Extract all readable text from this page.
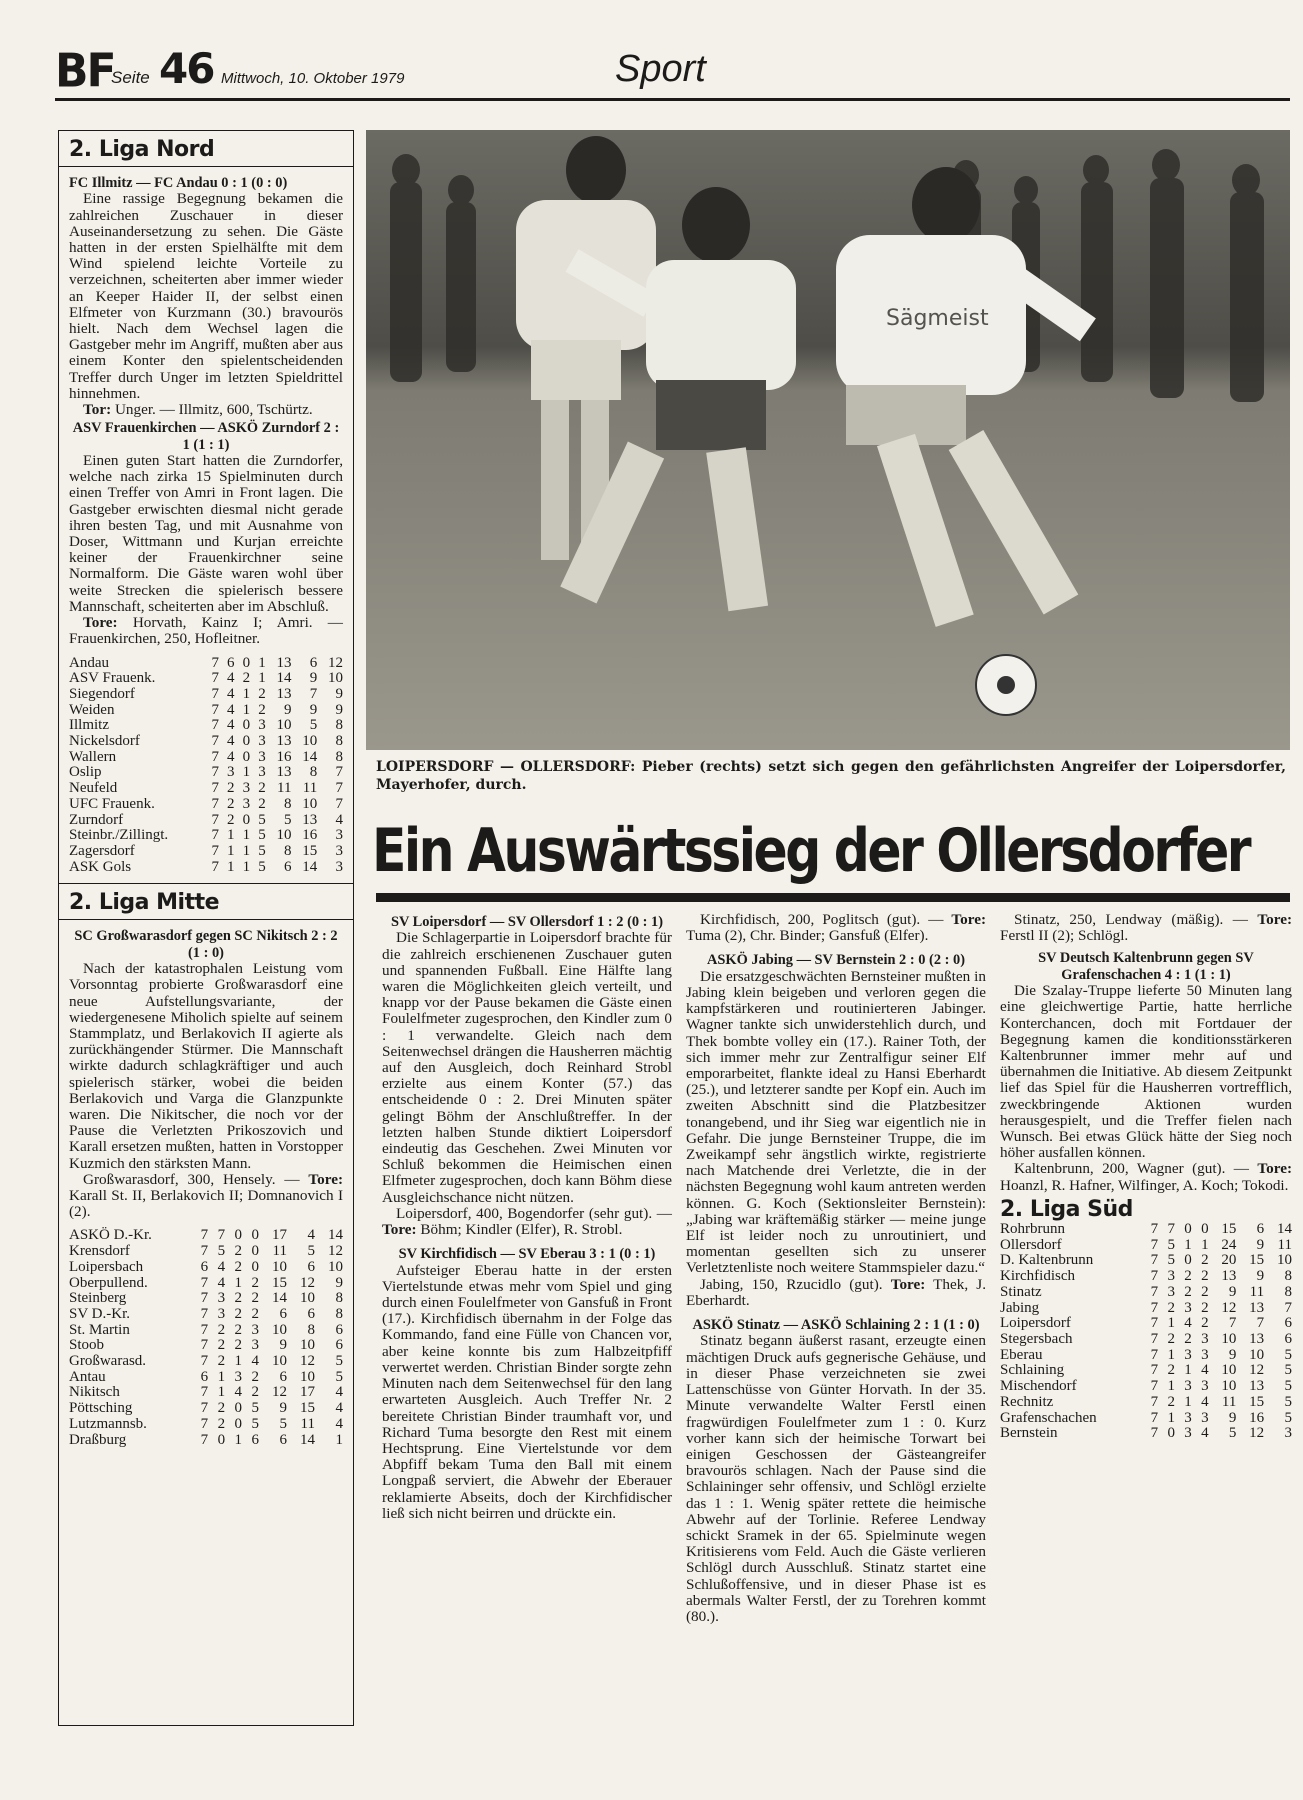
BF
Seite 46 Mittwoch, 10. Oktober 1979	Sport
2. Liga Nord
FC Illmitz — FC Andau 0 : 1 (0 : 0)

Eine rassige Begegnung bekamen die zahlreichen Zuschauer in dieser Auseinandersetzung zu sehen. Die Gäste hatten in der ersten Spielhälfte mit dem Wind spielend leichte Vorteile zu verzeichnen, scheiterten aber immer wieder an Keeper Haider II, der selbst einen Elfmeter von Kurzmann (30.) bravourös hielt. Nach dem Wechsel lagen die Gastgeber mehr im Angriff, mußten aber aus einem Konter den spielentscheidenden Treffer durch Unger im letzten Spieldrittel hinnehmen.

Tor: Unger. — Illmitz, 600, Tschürtz.

ASV Frauenkirchen — ASKÖ Zurndorf 2 : 1 (1 : 1)

Einen guten Start hatten die Zurndorfer, welche nach zirka 15 Spielminuten durch einen Treffer von Amri in Front lagen. Die Gastgeber erwischten diesmal nicht gerade ihren besten Tag, und mit Ausnahme von Doser, Wittmann und Kurjan erreichte keiner der Frauenkirchner seine Normalform. Die Gäste waren wohl über weite Strecken die spielerisch bessere Mannschaft, scheiterten aber im Abschluß.

Tore: Horvath, Kainz I; Amri. — Frauenkirchen, 250, Hofleitner.

Andau	7	6	0	1	13	6	12
ASV Frauenk.	7	4	2	1	14	9	10
Siegendorf	7	4	1	2	13	7	9
Weiden	7	4	1	2	9	9	9
Illmitz	7	4	0	3	10	5	8
Nickelsdorf	7	4	0	3	13	10	8
Wallern	7	4	0	3	16	14	8
Oslip	7	3	1	3	13	8	7
Neufeld	7	2	3	2	11	11	7
UFC Frauenk.	7	2	3	2	8	10	7
Zurndorf	7	2	0	5	5	13	4
Steinbr./Zillingt.	7	1	1	5	10	16	3
Zagersdorf	7	1	1	5	8	15	3
ASK Gols	7	1	1	5	6	14	3
2. Liga Mitte
SC Großwarasdorf gegen SC Nikitsch 2 : 2 (1 : 0)

Nach der katastrophalen Leistung vom Vorsonntag probierte Großwarasdorf eine neue Aufstellungsvariante, der wiedergenesene Miholich spielte auf seinem Stammplatz, und Berlakovich II agierte als zurückhängender Stürmer. Die Mannschaft wirkte dadurch schlagkräftiger und auch spielerisch stärker, wobei die beiden Berlakovich und Varga die Glanzpunkte waren. Die Nikitscher, die noch vor der Pause die Verletzten Prikoszovich und Karall ersetzen mußten, hatten in Vorstopper Kuzmich den stärksten Mann.

Großwarasdorf, 300, Hensely. — Tore: Karall St. II, Berlakovich II; Domnanovich I (2).

ASKÖ D.-Kr.	7	7	0	0	17	4	14
Krensdorf	7	5	2	0	11	5	12
Loipersbach	6	4	2	0	10	6	10
Oberpullend.	7	4	1	2	15	12	9
Steinberg	7	3	2	2	14	10	8
SV D.-Kr.	7	3	2	2	6	6	8
St. Martin	7	2	2	3	10	8	6
Stoob	7	2	2	3	9	10	6
Großwarasd.	7	2	1	4	10	12	5
Antau	6	1	3	2	6	10	5
Nikitsch	7	1	4	2	12	17	4
Pöttsching	7	2	0	5	9	15	4
Lutzmannsb.	7	2	0	5	5	11	4
Draßburg	7	0	1	6	6	14	1
Sägmeist
LOIPERSDORF — OLLERSDORF: Pieber (rechts) setzt sich gegen den gefährlichsten Angreifer der Loipersdorfer, Mayerhofer, durch.
Ein Auswärtssieg der Ollersdorfer
SV Loipersdorf — SV Ollersdorf 1 : 2 (0 : 1)

Die Schlagerpartie in Loipersdorf brachte für die zahlreich erschienenen Zuschauer guten und spannenden Fußball. Eine Hälfte lang waren die Möglichkeiten gleich verteilt, und knapp vor der Pause bekamen die Gäste einen Foulelfmeter zugesprochen, den Kindler zum 0 : 1 verwandelte. Gleich nach dem Seitenwechsel drängen die Hausherren mächtig auf den Ausgleich, doch Reinhard Strobl erzielte aus einem Konter (57.) das entscheidende 0 : 2. Drei Minuten später gelingt Böhm der Anschlußtreffer. In der letzten halben Stunde diktiert Loipersdorf eindeutig das Geschehen. Zwei Minuten vor Schluß bekommen die Heimischen einen Elfmeter zugesprochen, doch kann Böhm diese Ausgleichschance nicht nützen.

Loipersdorf, 400, Bogendorfer (sehr gut). — Tore: Böhm; Kindler (Elfer), R. Strobl.

SV Kirchfidisch — SV Eberau 3 : 1 (0 : 1)

Aufsteiger Eberau hatte in der ersten Viertelstunde etwas mehr vom Spiel und ging durch einen Foulelfmeter von Gansfuß in Front (17.). Kirchfidisch übernahm in der Folge das Kommando, fand eine Fülle von Chancen vor, aber keine konnte bis zum Halbzeitpfiff verwertet werden. Christian Binder sorgte zehn Minuten nach dem Seitenwechsel für den lang erwarteten Ausgleich. Auch Treffer Nr. 2 bereitete Christian Binder traumhaft vor, und Richard Tuma besorgte den Rest mit einem Hechtsprung. Eine Viertelstunde vor dem Abpfiff bekam Tuma den Ball mit einem Longpaß serviert, die Abwehr der Eberauer reklamierte Abseits, doch der Kirchfidischer ließ sich nicht beirren und drückte ein.

Kirchfidisch, 200, Poglitsch (gut). — Tore: Tuma (2), Chr. Binder; Gansfuß (Elfer).

ASKÖ Jabing — SV Bernstein 2 : 0 (2 : 0)

Die ersatzgeschwächten Bernsteiner mußten in Jabing klein beigeben und verloren gegen die kampfstärkeren und routinierteren Jabinger. Wagner tankte sich unwiderstehlich durch, und Thek bombte volley ein (17.). Rainer Toth, der sich immer mehr zur Zentralfigur seiner Elf emporarbeitet, flankte ideal zu Hansi Eberhardt (25.), und letzterer sandte per Kopf ein. Auch im zweiten Abschnitt sind die Platzbesitzer tonangebend, und ihr Sieg war eigentlich nie in Gefahr. Die junge Bernsteiner Truppe, die im Zweikampf sehr ängstlich wirkte, registrierte nach Matchende drei Verletzte, die in der nächsten Begegnung wohl kaum antreten werden können. G. Koch (Sektionsleiter Bernstein): „Jabing war kräftemäßig stärker — meine junge Elf ist leider noch zu unroutiniert, und momentan gesellten sich zu unserer Verletztenliste noch weitere Stammspieler dazu.“

Jabing, 150, Rzucidlo (gut). Tore: Thek, J. Eberhardt.

ASKÖ Stinatz — ASKÖ Schlaining 2 : 1 (1 : 0)

Stinatz begann äußerst rasant, erzeugte einen mächtigen Druck aufs gegnerische Gehäuse, und in dieser Phase verzeichneten sie zwei Lattenschüsse von Günter Horvath. In der 35. Minute verwandelte Walter Ferstl einen fragwürdigen Foulelfmeter zum 1 : 0. Kurz vorher kann sich der heimische Torwart bei einigen Geschossen der Gästeangreifer bravourös schlagen. Nach der Pause sind die Schlaininger sehr offensiv, und Schlögl erzielte das 1 : 1. Wenig später rettete die heimische Abwehr auf der Torlinie. Referee Lendway schickt Sramek in der 65. Spielminute wegen Kritisierens vom Feld. Auch die Gäste verlieren Schlögl durch Ausschluß. Stinatz startet eine Schlußoffensive, und in dieser Phase ist es abermals Walter Ferstl, der zu Torehren kommt (80.).

Stinatz, 250, Lendway (mäßig). — Tore: Ferstl II (2); Schlögl.

SV Deutsch Kaltenbrunn gegen SV Grafenschachen 4 : 1 (1 : 1)

Die Szalay-Truppe lieferte 50 Minuten lang eine gleichwertige Partie, hatte herrliche Konterchancen, doch mit Fortdauer der Begegnung kamen die konditionsstärkeren Kaltenbrunner immer mehr auf und übernahmen die Initiative. Ab diesem Zeitpunkt lief das Spiel für die Hausherren vortrefflich, zweckbringende Aktionen wurden herausgespielt, und die Treffer fielen nach Wunsch. Bei etwas Glück hätte der Sieg noch höher ausfallen können.

Kaltenbrunn, 200, Wagner (gut). — Tore: Hoanzl, R. Hafner, Wilfinger, A. Koch; Tokodi.

2. Liga Süd
Rohrbrunn	7	7	0	0	15	6	14
Ollersdorf	7	5	1	1	24	9	11
D. Kaltenbrunn	7	5	0	2	20	15	10
Kirchfidisch	7	3	2	2	13	9	8
Stinatz	7	3	2	2	9	11	8
Jabing	7	2	3	2	12	13	7
Loipersdorf	7	1	4	2	7	7	6
Stegersbach	7	2	2	3	10	13	6
Eberau	7	1	3	3	9	10	5
Schlaining	7	2	1	4	10	12	5
Mischendorf	7	1	3	3	10	13	5
Rechnitz	7	2	1	4	11	15	5
Grafenschachen	7	1	3	3	9	16	5
Bernstein	7	0	3	4	5	12	3
